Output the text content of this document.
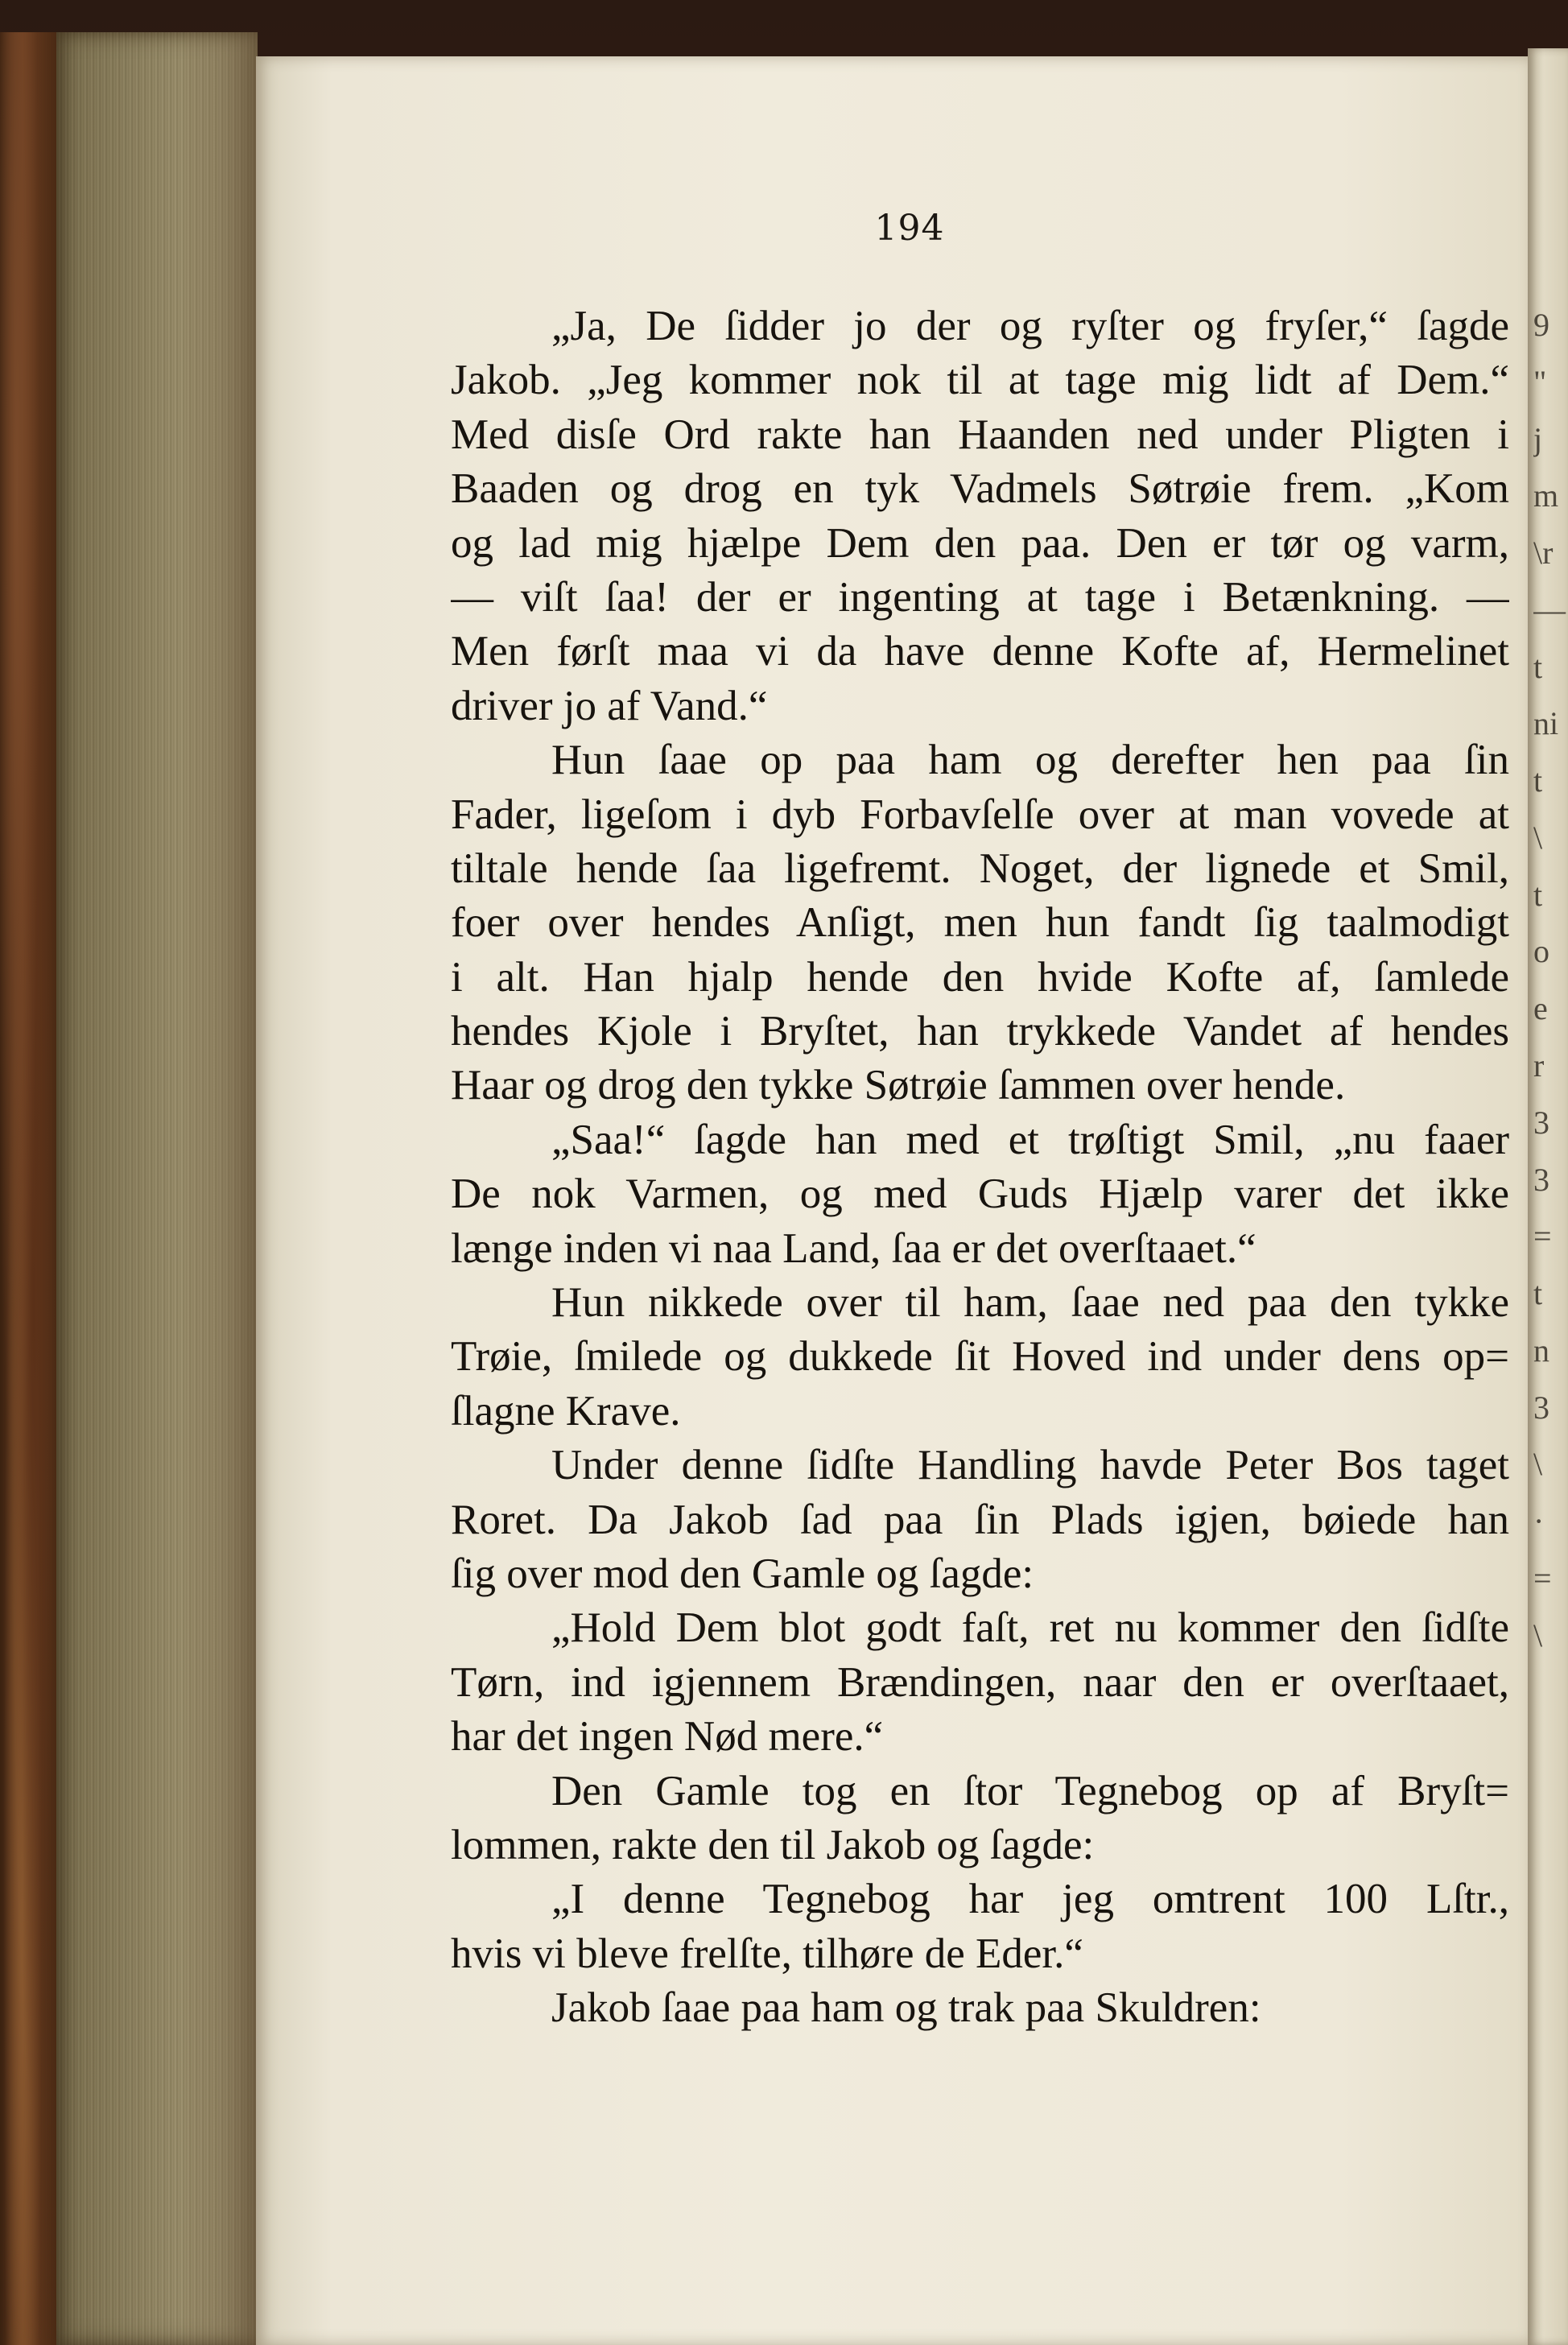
194
„Ja, De ſidder jo der og ryſter og fryſer,“ ſagde
Jakob. „Jeg kommer nok til at tage mig lidt af Dem.“
Med disſe Ord rakte han Haanden ned under Pligten i
Baaden og drog en tyk Vadmels Søtrøie frem. „Kom
og lad mig hjælpe Dem den paa. Den er tør og varm,
— viſt ſaa! der er ingenting at tage i Betænkning. —
Men førſt maa vi da have denne Kofte af, Hermelinet
driver jo af Vand.“
Hun ſaae op paa ham og derefter hen paa ſin
Fader, ligeſom i dyb Forbavſelſe over at man vovede at
tiltale hende ſaa ligefremt. Noget, der lignede et Smil,
foer over hendes Anſigt, men hun fandt ſig taalmodigt
i alt. Han hjalp hende den hvide Kofte af, ſamlede
hendes Kjole i Bryſtet, han trykkede Vandet af hendes
Haar og drog den tykke Søtrøie ſammen over hende.
„Saa!“ ſagde han med et trøſtigt Smil, „nu faaer
De nok Varmen, og med Guds Hjælp varer det ikke
længe inden vi naa Land, ſaa er det overſtaaet.“
Hun nikkede over til ham, ſaae ned paa den tykke
Trøie, ſmilede og dukkede ſit Hoved ind under dens op=
ſlagne Krave.
Under denne ſidſte Handling havde Peter Bos taget
Roret. Da Jakob ſad paa ſin Plads igjen, bøiede han
ſig over mod den Gamle og ſagde:
„Hold Dem blot godt faſt, ret nu kommer den ſidſte
Tørn, ind igjennem Brændingen, naar den er overſtaaet,
har det ingen Nød mere.“
Den Gamle tog en ſtor Tegnebog op af Bryſt=
lommen, rakte den til Jakob og ſagde:
„I denne Tegnebog har jeg omtrent 100 Lſtr.,
hvis vi bleve frelſte, tilhøre de Eder.“
Jakob ſaae paa ham og trak paa Skuldren:
9
"
j
m
\r
—
t
ni
t
\
t
o
e
r
3
3
=
t
n
3
\
·
=
\
